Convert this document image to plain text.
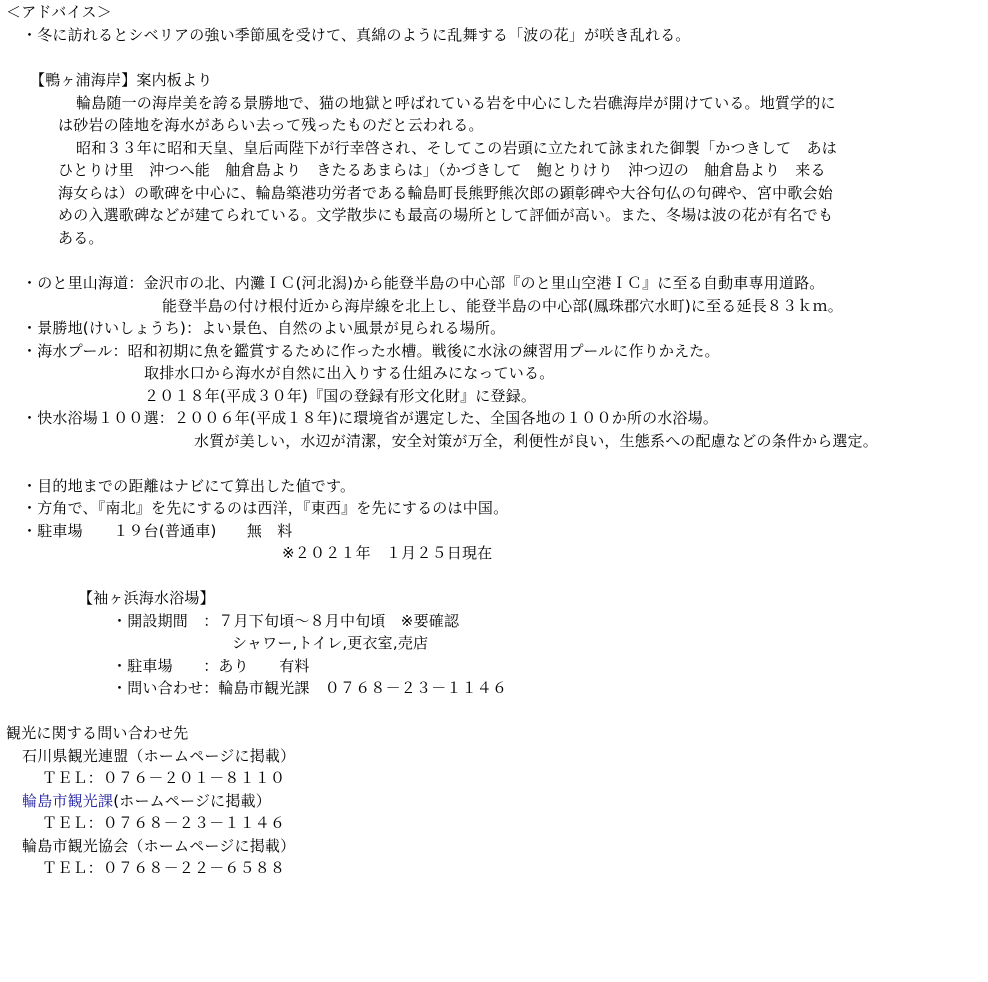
＜アドバイス＞
・冬に訪れるとシベリアの強い季節風を受けて、真綿のように乱舞する「波の花」が咲き乱れる。
【鴨ヶ浦海岸】案内板より
輪島随一の海岸美を誇る景勝地で、猫の地獄と呼ばれている岩を中心にした岩礁海岸が開けている。地質学的に
は砂岩の陸地を海水があらい去って残ったものだと云われる。
昭和３３年に昭和天皇、皇后両陛下が行幸啓され、そしてこの岩頭に立たれて詠まれた御製「かつきして　あは
ひとりけ里　沖つへ能　舳倉島より　きたるあまらは」（かづきして　鮑とりけり　沖つ辺の　舳倉島より　来る
海女らは）の歌碑を中心に、輪島築港功労者である輪島町長熊野熊次郎の顕彰碑や大谷句仏の句碑や、宮中歌会始
めの入選歌碑などが建てられている。文学散歩にも最高の場所として評価が高い。また、冬場は波の花が有名でも
ある。
・のと里山海道：金沢市の北、内灘ＩＣ(河北潟)から能登半島の中心部『のと里山空港ＩＣ』に至る自動車専用道路。
能登半島の付け根付近から海岸線を北上し、能登半島の中心部(鳳珠郡穴水町)に至る延長８３ｋｍ。
・景勝地(けいしょうち)：よい景色、自然のよい風景が見られる場所。
・海水プール：昭和初期に魚を鑑賞するために作った水槽。戦後に水泳の練習用プールに作りかえた。
取排水口から海水が自然に出入りする仕組みになっている。
２０１８年(平成３０年)『国の登録有形文化財』に登録。
・快水浴場１００選：２００６年(平成１８年)に環境省が選定した、全国各地の１００か所の水浴場。
水質が美しい，水辺が清潔，安全対策が万全，利便性が良い，生態系への配慮などの条件から選定。
・目的地までの距離はナビにて算出した値です。
・方角で、『南北』を先にするのは西洋，『東西』を先にするのは中国。
・駐車場　　１９台(普通車)　　無　料
※２０２１年　１月２５日現在
【袖ヶ浜海水浴場】
・開設期間　：７月下旬頃～８月中旬頃　※要確認
シャワー,トイレ,更衣室,売店
・駐車場　　：あり　　有料
・問い合わせ：輪島市観光課　０７６８－２３－１１４６
観光に関する問い合わせ先
石川県観光連盟（ホームページに掲載）
ＴＥＬ：０７６－２０１－８１１０
輪島市観光課(ホームページに掲載）
ＴＥＬ：０７６８－２３－１１４６
輪島市観光協会（ホームページに掲載）
ＴＥＬ：０７６８－２２－６５８８
